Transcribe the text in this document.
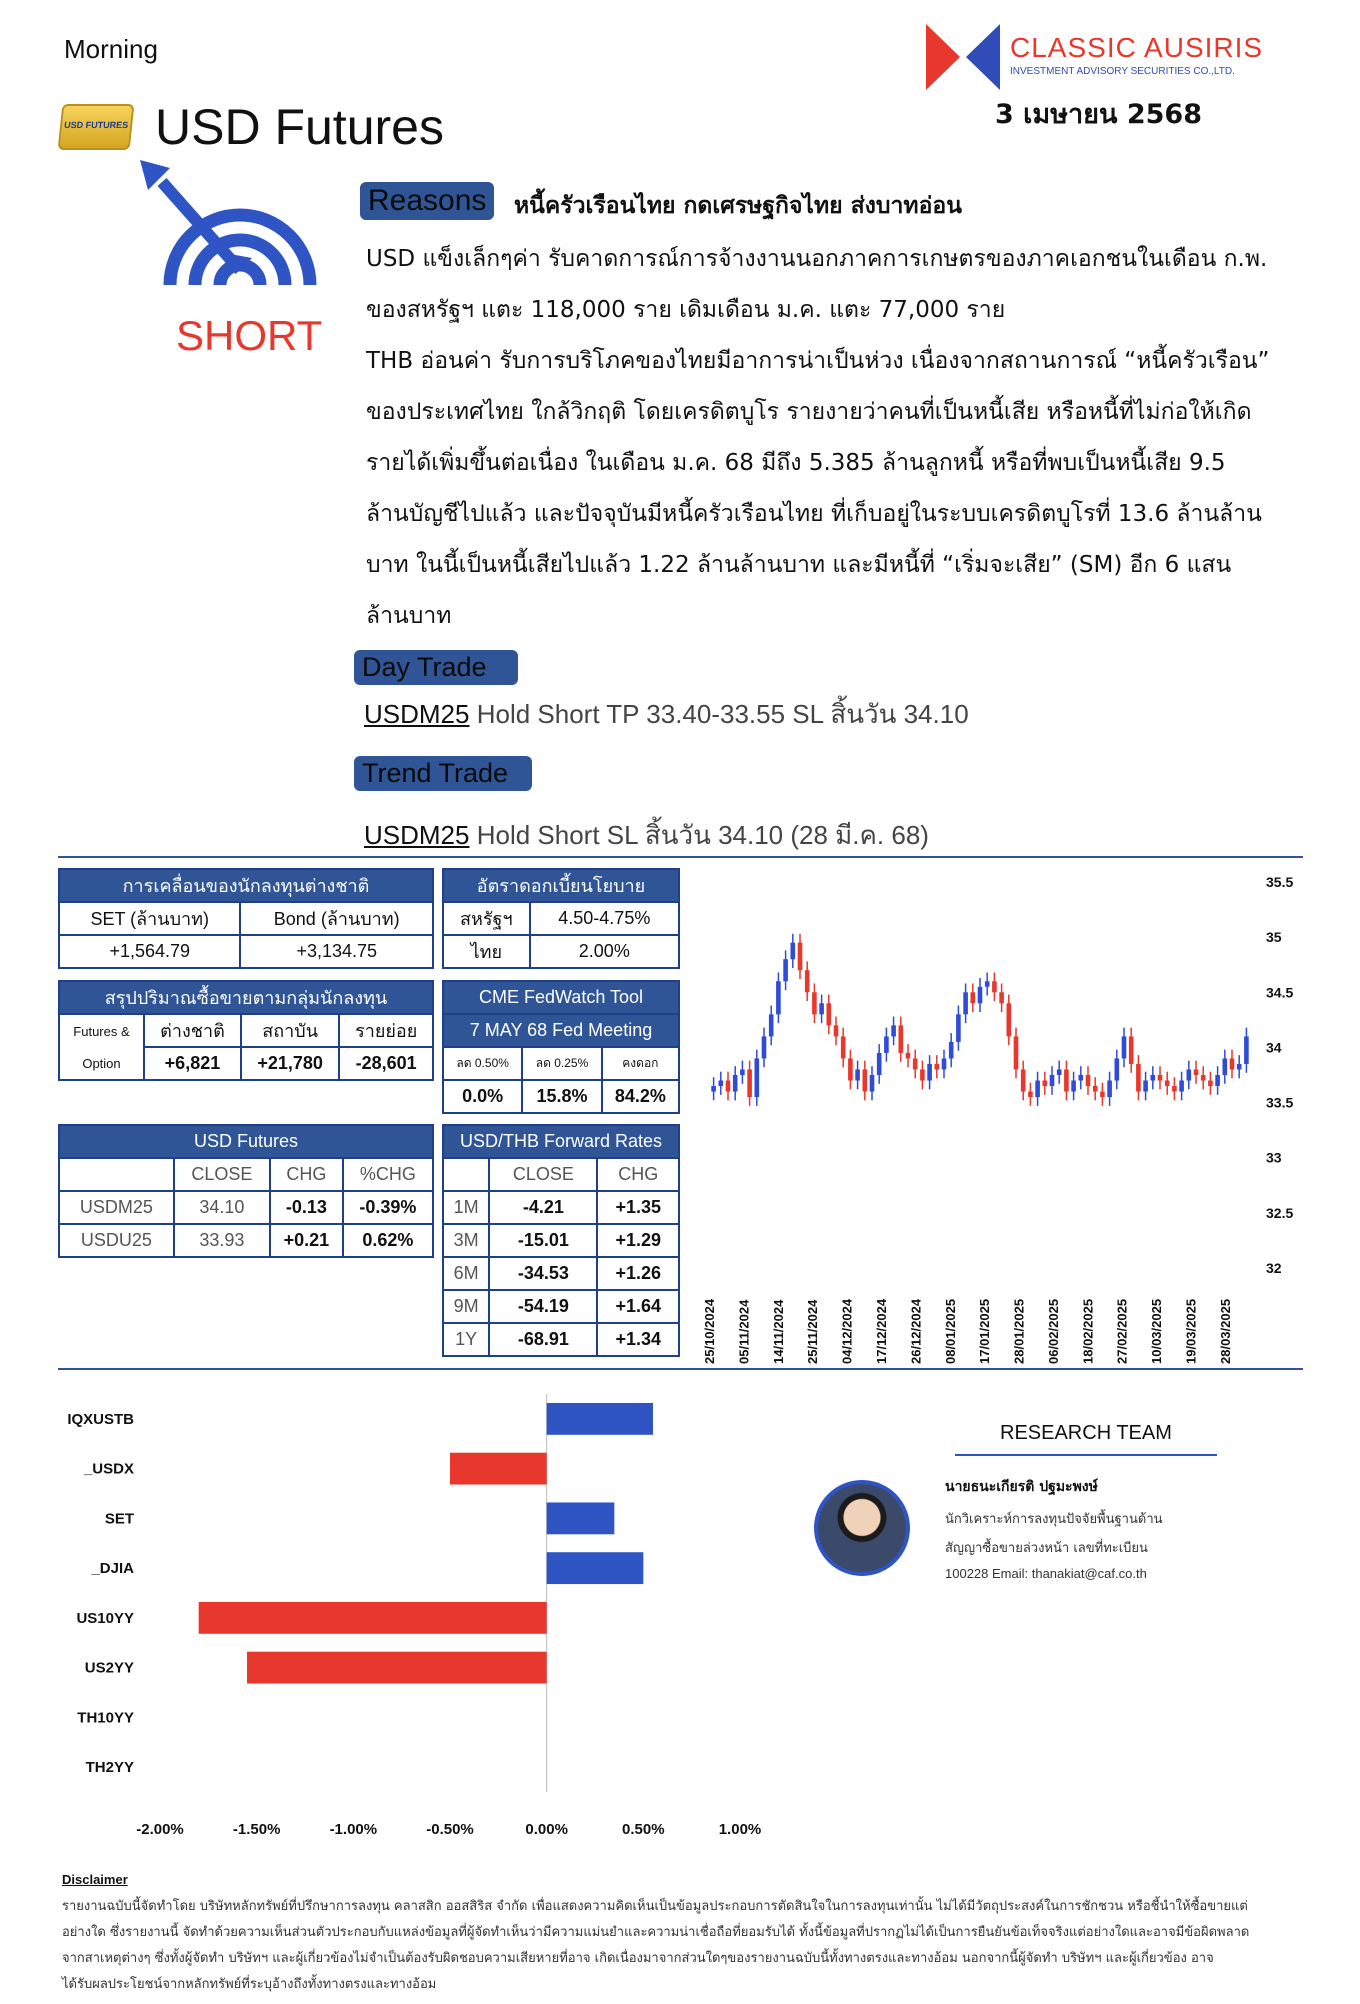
Morning
USD FUTURES USD Futures
CLASSIC AUSIRIS
INVESTMENT ADVISORY SECURITIES CO.,LTD.
3 เมษายน 2568
SHORT
Reasons	หนี้ครัวเรือนไทย กดเศรษฐกิจไทย ส่งบาทอ่อน
USD แข็งเล็กๆค่า รับคาดการณ์การจ้างงานนอกภาคการเกษตรของภาคเอกชนในเดือน ก.พ.
ของสหรัฐฯ แตะ 118,000 ราย เดิมเดือน ม.ค. แตะ 77,000 ราย
THB อ่อนค่า รับการบริโภคของไทยมีอาการน่าเป็นห่วง เนื่องจากสถานการณ์ “หนี้ครัวเรือน”
ของประเทศไทย ใกล้วิกฤติ โดยเครดิตบูโร รายงายว่าคนที่เป็นหนี้เสีย หรือหนี้ที่ไม่ก่อให้เกิด
รายได้เพิ่มขึ้นต่อเนื่อง ในเดือน ม.ค. 68 มีถึง 5.385 ล้านลูกหนี้ หรือที่พบเป็นหนี้เสีย 9.5
ล้านบัญชีไปแล้ว และปัจจุบันมีหนี้ครัวเรือนไทย ที่เก็บอยู่ในระบบเครดิตบูโรที่ 13.6 ล้านล้าน
บาท ในนี้เป็นหนี้เสียไปแล้ว 1.22 ล้านล้านบาท และมีหนี้ที่ “เริ่มจะเสีย” (SM) อีก 6 แสน
ล้านบาท
Day Trade
USDM25 Hold Short TP 33.40-33.55 SL สิ้นวัน 34.10
Trend Trade
USDM25 Hold Short SL สิ้นวัน 34.10 (28 มี.ค. 68)
การเคลื่อนของนักลงทุนต่างชาติ	
SET (ล้านบาท)	Bond (ล้านบาท)
+1,564.79	+3,134.75
อัตราดอกเบี้ยนโยบาย	
สหรัฐฯ	4.50-4.75%
ไทย	2.00%
สรุปปริมาณซื้อขายตามกลุ่มนักลงทุน			
Futures &	ต่างชาติ	สถาบัน	รายย่อย
Option	+6,821	+21,780	-28,601
CME FedWatch Tool		
7 MAY 68 Fed Meeting		
ลด 0.50%	ลด 0.25%	คงดอก
0.0%	15.8%	84.2%
USD Futures			
	CLOSE	CHG	%CHG
USDM25	34.10	-0.13	-0.39%
USDU25	33.93	+0.21	0.62%
USD/THB Forward Rates		
	CLOSE	CHG
1M	-4.21	+1.35
3M	-15.01	+1.29
6M	-34.53	+1.26
9M	-54.19	+1.64
1Y	-68.91	+1.34
35.5
35
34.5
34
33.5
33
32.5
32
25/10/2024 05/11/2024 14/11/2024 25/11/2024 04/12/2024 17/12/2024 26/12/2024 08/01/2025 17/01/2025 28/01/2025 06/02/2025 18/02/2025 27/02/2025 10/03/2025 19/03/2025 28/03/2025
IQXUSTB
_USDX
SET
_DJIA
US10YY
US2YY
TH10YY
TH2YY
-2.00%	-1.50%	-1.00%	-0.50%	0.00%	0.50%	1.00%
RESEARCH TEAM
นายธนะเกียรติ ปฐมะพงษ์
นักวิเคราะห์การลงทุนปัจจัยพื้นฐานด้าน
สัญญาซื้อขายล่วงหน้า เลขที่ทะเบียน
100228 Email: thanakiat@caf.co.th
Disclaimer
รายงานฉบับนี้จัดทำโดย บริษัทหลักทรัพย์ที่ปรึกษาการลงทุน คลาสสิก ออสสิริส จำกัด เพื่อแสดงความคิดเห็นเป็นข้อมูลประกอบการตัดสินใจในการลงทุนเท่านั้น ไม่ได้มีวัตถุประสงค์ในการชักชวน หรือชี้นำให้ซื้อขายแต่
อย่างใด ซึ่งรายงานนี้ จัดทำด้วยความเห็นส่วนตัวประกอบกับแหล่งข้อมูลที่ผู้จัดทำเห็นว่ามีความแม่นยำและความน่าเชื่อถือที่ยอมรับได้ ทั้งนี้ข้อมูลที่ปรากฏไม่ได้เป็นการยืนยันข้อเท็จจริงแต่อย่างใดและอาจมีข้อผิดพลาด
จากสาเหตุต่างๆ ซึ่งทั้งผู้จัดทำ บริษัทฯ และผู้เกี่ยวข้องไม่จำเป็นต้องรับผิดชอบความเสียหายที่อาจ เกิดเนื่องมาจากส่วนใดๆของรายงานฉบับนี้ทั้งทางตรงและทางอ้อม นอกจากนี้ผู้จัดทำ บริษัทฯ และผู้เกี่ยวข้อง อาจ
ได้รับผลประโยชน์จากหลักทรัพย์ที่ระบุอ้างถึงทั้งทางตรงและทางอ้อม
